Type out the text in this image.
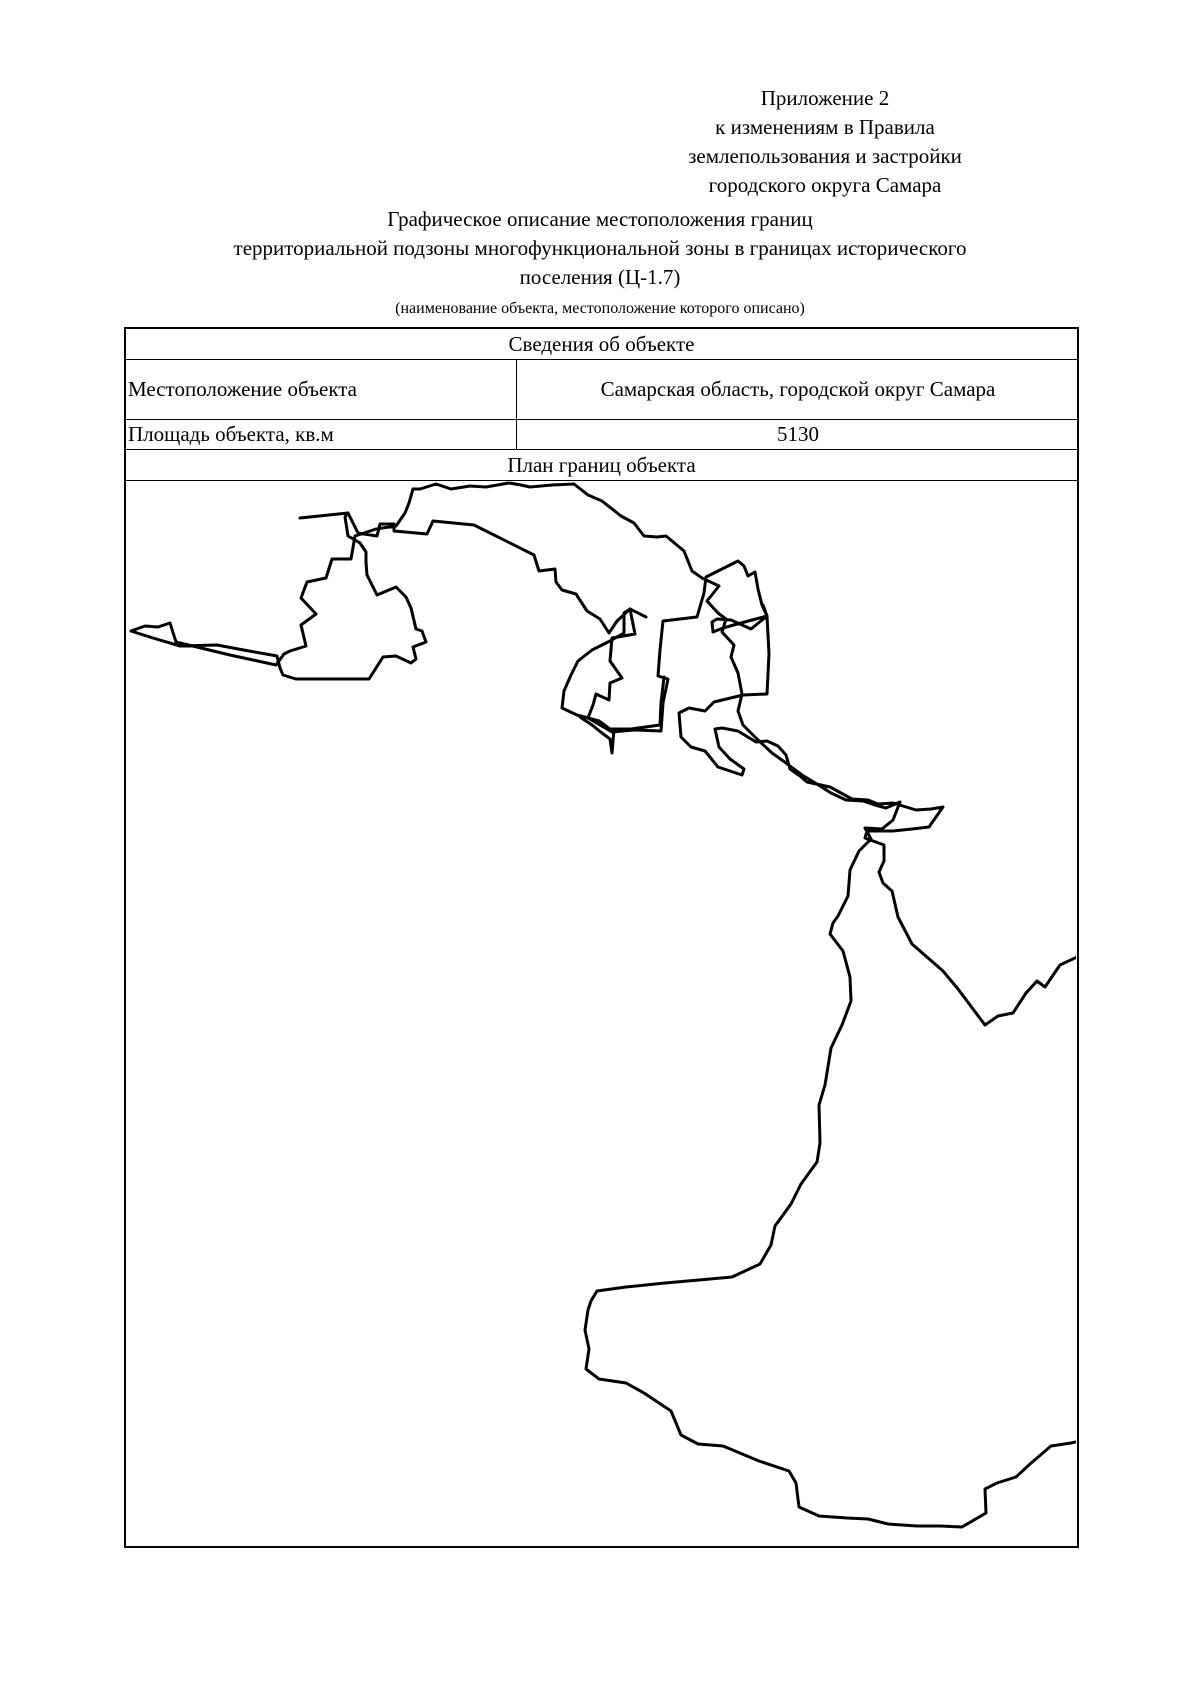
Приложение 2
к изменениям в Правила
землепользования и застройки
городского округа Самара
Графическое описание местоположения границ
территориальной подзоны многофункциональной зоны в границах исторического
поселения (Ц-1.7)
(наименование объекта, местоположение которого описано)
Сведения об объекте
Местоположение объекта	Самарская область, городской округ Самара
Площадь объекта, кв.м	5130
План границ объекта
